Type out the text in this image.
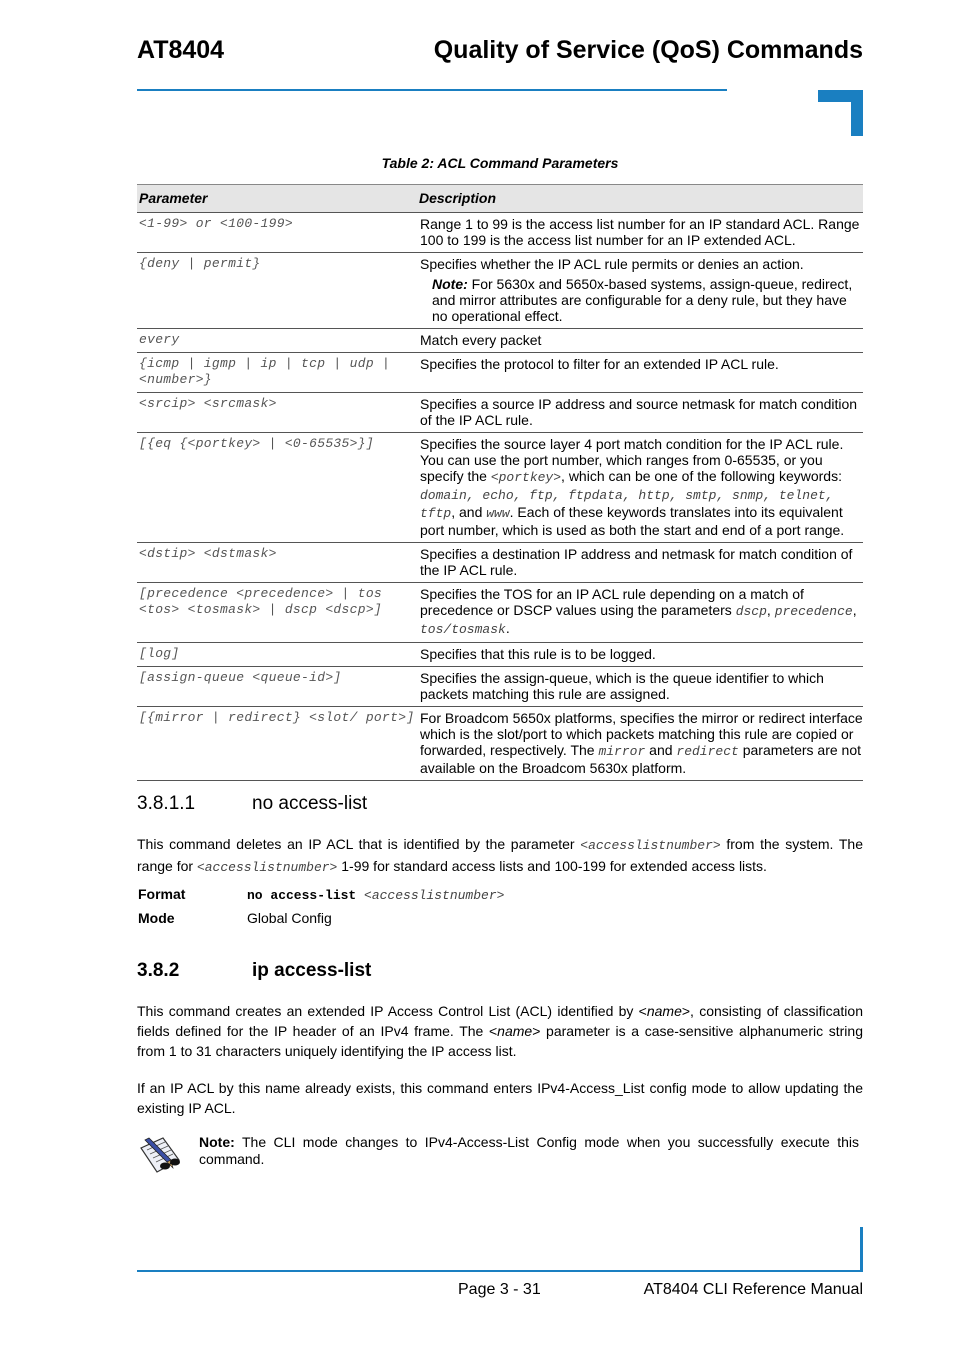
AT8404	Quality of Service (QoS) Commands
Table 2: ACL Command Parameters
Parameter	Description
<1-99> or <100-199>	Range 1 to 99 is the access list number for an IP standard ACL. Range 100 to 199 is the access list number for an IP extended ACL.
{deny | permit}	Specifies whether the IP ACL rule permits or denies an action.
Note: For 5630x and 5650x-based systems, assign-queue, redirect, and mirror attributes are configurable for a deny rule, but they have no operational effect.

every	Match every packet
{icmp | igmp | ip | tcp | udp | <number>}	Specifies the protocol to filter for an extended IP ACL rule.
<srcip> <srcmask>	Specifies a source IP address and source netmask for match condition of the IP ACL rule.
[{eq {<portkey> | <0-65535>}]	Specifies the source layer 4 port match condition for the IP ACL rule. You can use the port number, which ranges from 0-65535, or you specify the <portkey>, which can be one of the following keywords: domain, echo, ftp, ftpdata, http, smtp, snmp, telnet, tftp, and www. Each of these keywords translates into its equivalent port number, which is used as both the start and end of a port range.
<dstip> <dstmask>	Specifies a destination IP address and netmask for match condition of the IP ACL rule.
[precedence <precedence> | tos <tos> <tosmask> | dscp <dscp>]	Specifies the TOS for an IP ACL rule depending on a match of precedence or DSCP values using the parameters dscp, precedence, tos/tosmask.
[log]	Specifies that this rule is to be logged.
[assign-queue <queue-id>]	Specifies the assign-queue, which is the queue identifier to which packets matching this rule are assigned.
[{mirror | redirect} <slot/ port>]	For Broadcom 5650x platforms, specifies the mirror or redirect interface which is the slot/port to which packets matching this rule are copied or forwarded, respectively. The mirror and redirect parameters are not available on the Broadcom 5630x platform.
3.8.1.1	no access-list
This command deletes an IP ACL that is identified by the parameter <accesslistnumber> from the system. The range for <accesslistnumber> 1-99 for standard access lists and 100-199 for extended access lists.
Format	no access-list <accesslistnumber>
Mode	Global Config
3.8.2	ip access-list
This command creates an extended IP Access Control List (ACL) identified by <name>, consisting of classification fields defined for the IP header of an IPv4 frame. The <name> parameter is a case-sensitive alphanumeric string from 1 to 31 characters uniquely identifying the IP access list.
If an IP ACL by this name already exists, this command enters IPv4-Access_List config mode to allow updating the existing IP ACL.
Note: The CLI mode changes to IPv4-Access-List Config mode when you successfully execute this command.
Page 3 - 31	AT8404 CLI Reference Manual
